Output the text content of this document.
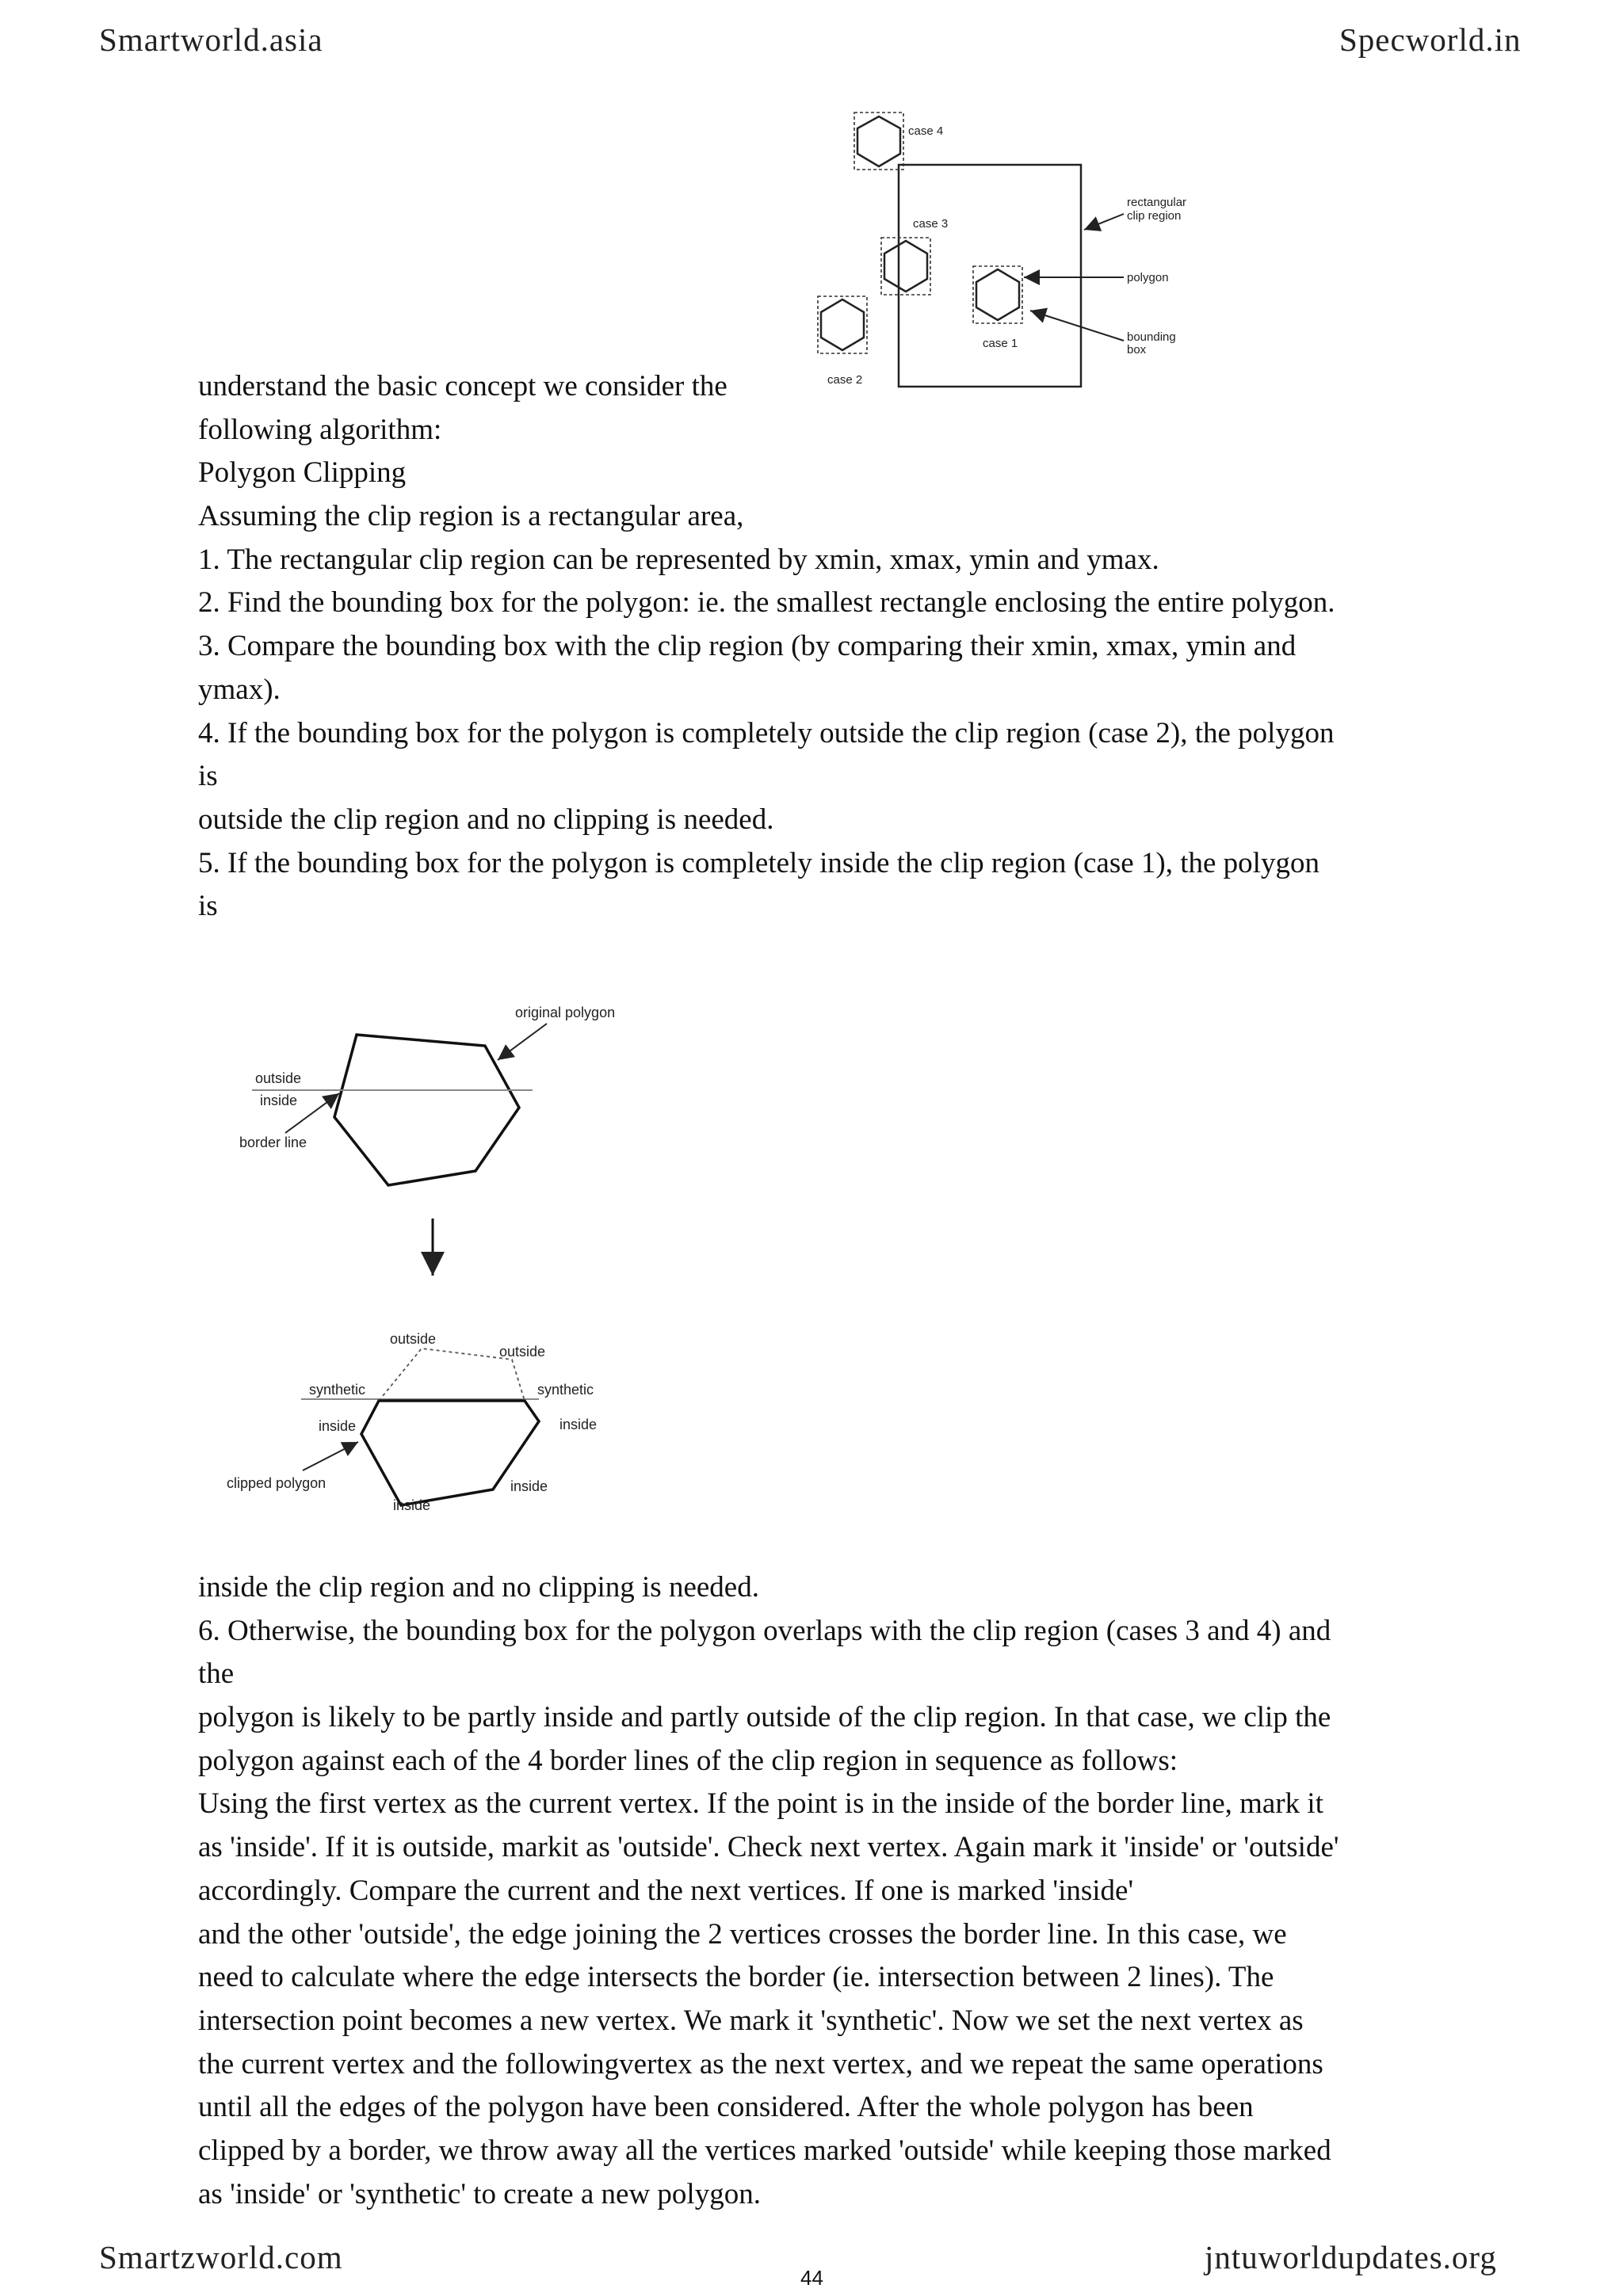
Smartworld.asia	Specworld.in
case 4
case 3
case 2
case 1
rectangular
clip region
polygon
bounding
box
understand the basic concept we consider the
following algorithm:
Polygon Clipping
Assuming the clip region is a rectangular area,
1. The rectangular clip region can be represented by xmin, xmax, ymin and ymax.
2. Find the bounding box for the polygon: ie. the smallest rectangle enclosing the entire polygon.
3. Compare the bounding box with the clip region (by comparing their xmin, xmax, ymin and
ymax).
4. If the bounding box for the polygon is completely outside the clip region (case 2), the polygon
is
outside the clip region and no clipping is needed.
5. If the bounding box for the polygon is completely inside the clip region (case 1), the polygon
is
original polygon
outside
inside
border line
outside
outside
synthetic	synthetic
inside	inside
clipped polygon
inside
inside
inside the clip region and no clipping is needed.
6. Otherwise, the bounding box for the polygon overlaps with the clip region (cases 3 and 4) and
the
polygon is likely to be partly inside and partly outside of the clip region. In that case, we clip the
polygon against each of the 4 border lines of the clip region in sequence as follows:
Using the first vertex as the current vertex. If the point is in the inside of the border line, mark it
as 'inside'. If it is outside, markit as 'outside'. Check next vertex. Again mark it 'inside' or 'outside'
accordingly. Compare the current and the next vertices. If one is marked 'inside'
and the other 'outside', the edge joining the 2 vertices crosses the border line. In this case, we
need to calculate where the edge intersects the border (ie. intersection between 2 lines). The
intersection point becomes a new vertex. We mark it 'synthetic'. Now we set the next vertex as
the current vertex and the followingvertex as the next vertex, and we repeat the same operations
until all the edges of the polygon have been considered. After the whole polygon has been
clipped by a border, we throw away all the vertices marked 'outside' while keeping those marked
as 'inside' or 'synthetic' to create a new polygon.
Smartzworld.com
44
jntuworldupdates.org
